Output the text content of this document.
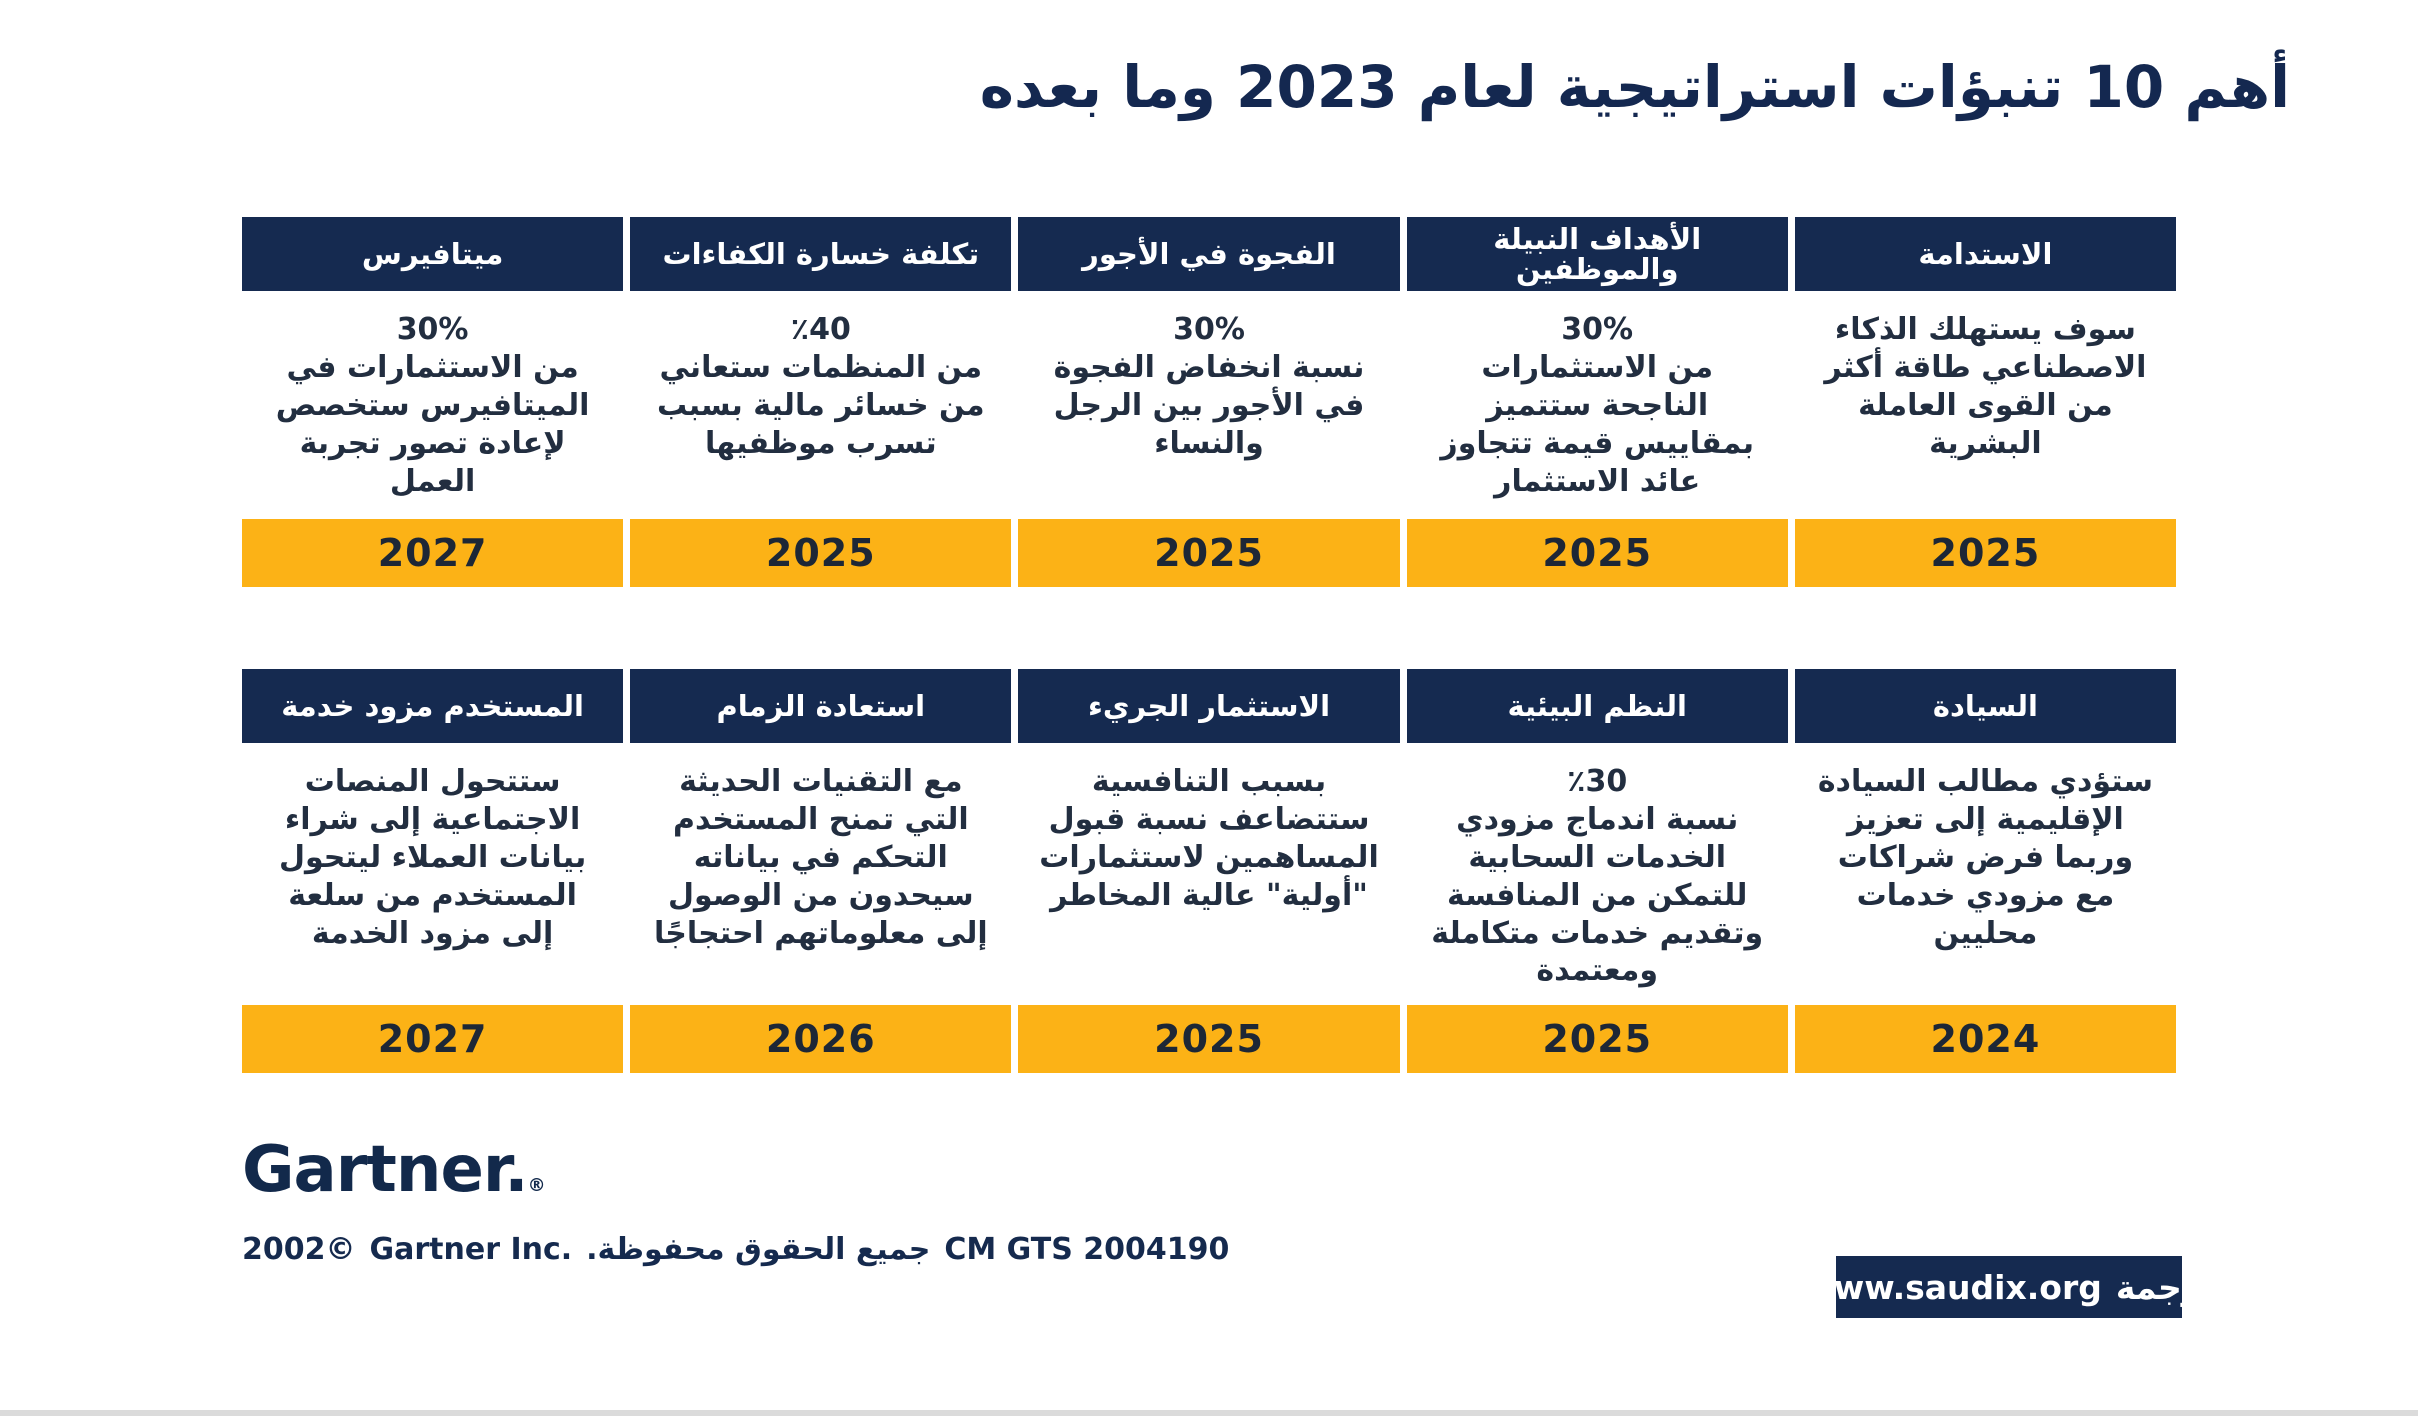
أهم 10 تنبؤات استراتيجية لعام 2023 وما بعده
الاستدامة
سوف يستهلك الذكاء الاصطناعي طاقة أكثر من القوى العاملة البشرية
2025
الأهداف النبيلة والموظفين
30%
من الاستثمارات الناجحة ستتميز بمقاييس قيمة تتجاوز عائد الاستثمار
2025
الفجوة في الأجور
30%
نسبة انخفاض الفجوة في الأجور بين الرجل والنساء
2025
تكلفة خسارة الكفاءات
٪40
من المنظمات ستعاني من خسائر مالية بسبب تسرب موظفيها
2025
ميتافيرس
30%
من الاستثمارات في الميتافيرس ستخصص لإعادة تصور تجربة العمل
2027
السيادة
ستؤدي مطالب السيادة الإقليمية إلى تعزيز وربما فرض شراكات مع مزودي خدمات محليين
2024
النظم البيئية
٪30
نسبة اندماج مزودي الخدمات السحابية للتمكن من المنافسة وتقديم خدمات متكاملة ومعتمدة
2025
الاستثمار الجريء
بسبب التنافسية ستتضاعف نسبة قبول المساهمين لاستثمارات "أولية" عالية المخاطر
2025
استعادة الزمام
مع التقنيات الحديثة التي تمنح المستخدم التحكم في بياناته سيحدون من الوصول إلى معلوماتهم احتجاجًا
2026
المستخدم مزود خدمة
ستتحول المنصات الاجتماعية إلى شراء بيانات العملاء ليتحول المستخدم من سلعة إلى مزود الخدمة
2027
Gartner.®
2002© Gartner Inc. جميع الحقوق محفوظة. CM GTS 2004190
ترجمة
www.saudix.org
